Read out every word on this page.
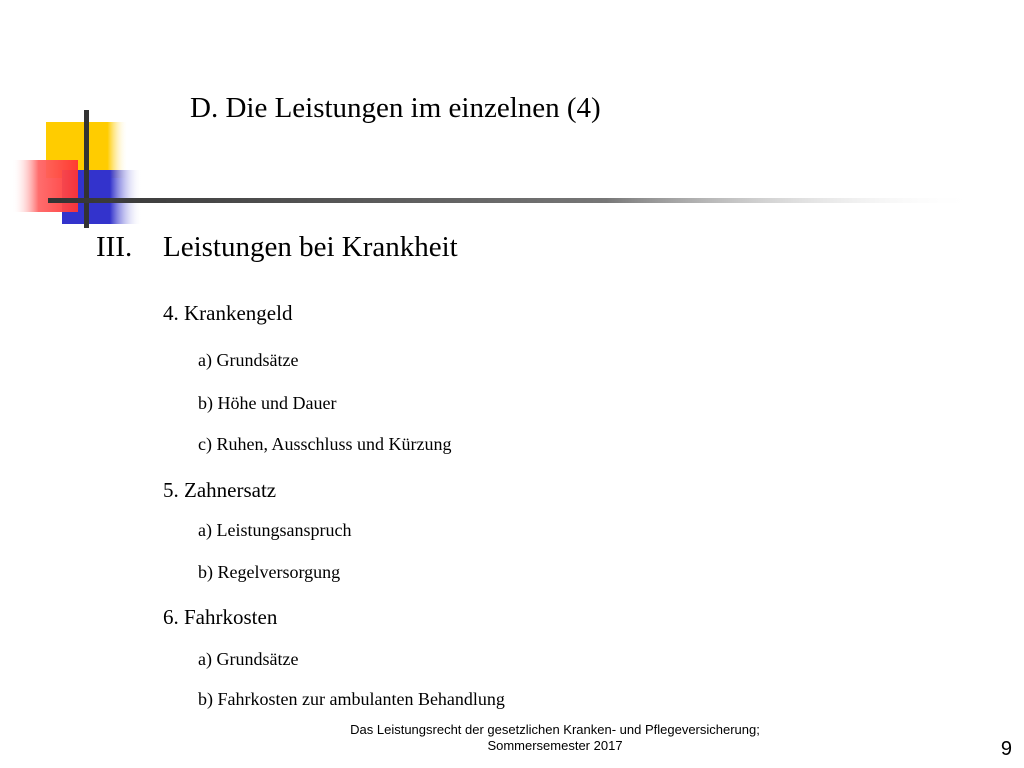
D. Die Leistungen im einzelnen (4)
III. Leistungen bei Krankheit
4. Krankengeld
a) Grundsätze
b) Höhe und Dauer
c) Ruhen, Ausschluss und Kürzung
5. Zahnersatz
a) Leistungsanspruch
b) Regelversorgung
6. Fahrkosten
a) Grundsätze
b) Fahrkosten zur ambulanten Behandlung
Das Leistungsrecht der gesetzlichen Kranken- und Pflegeversicherung;
Sommersemester 2017	9
